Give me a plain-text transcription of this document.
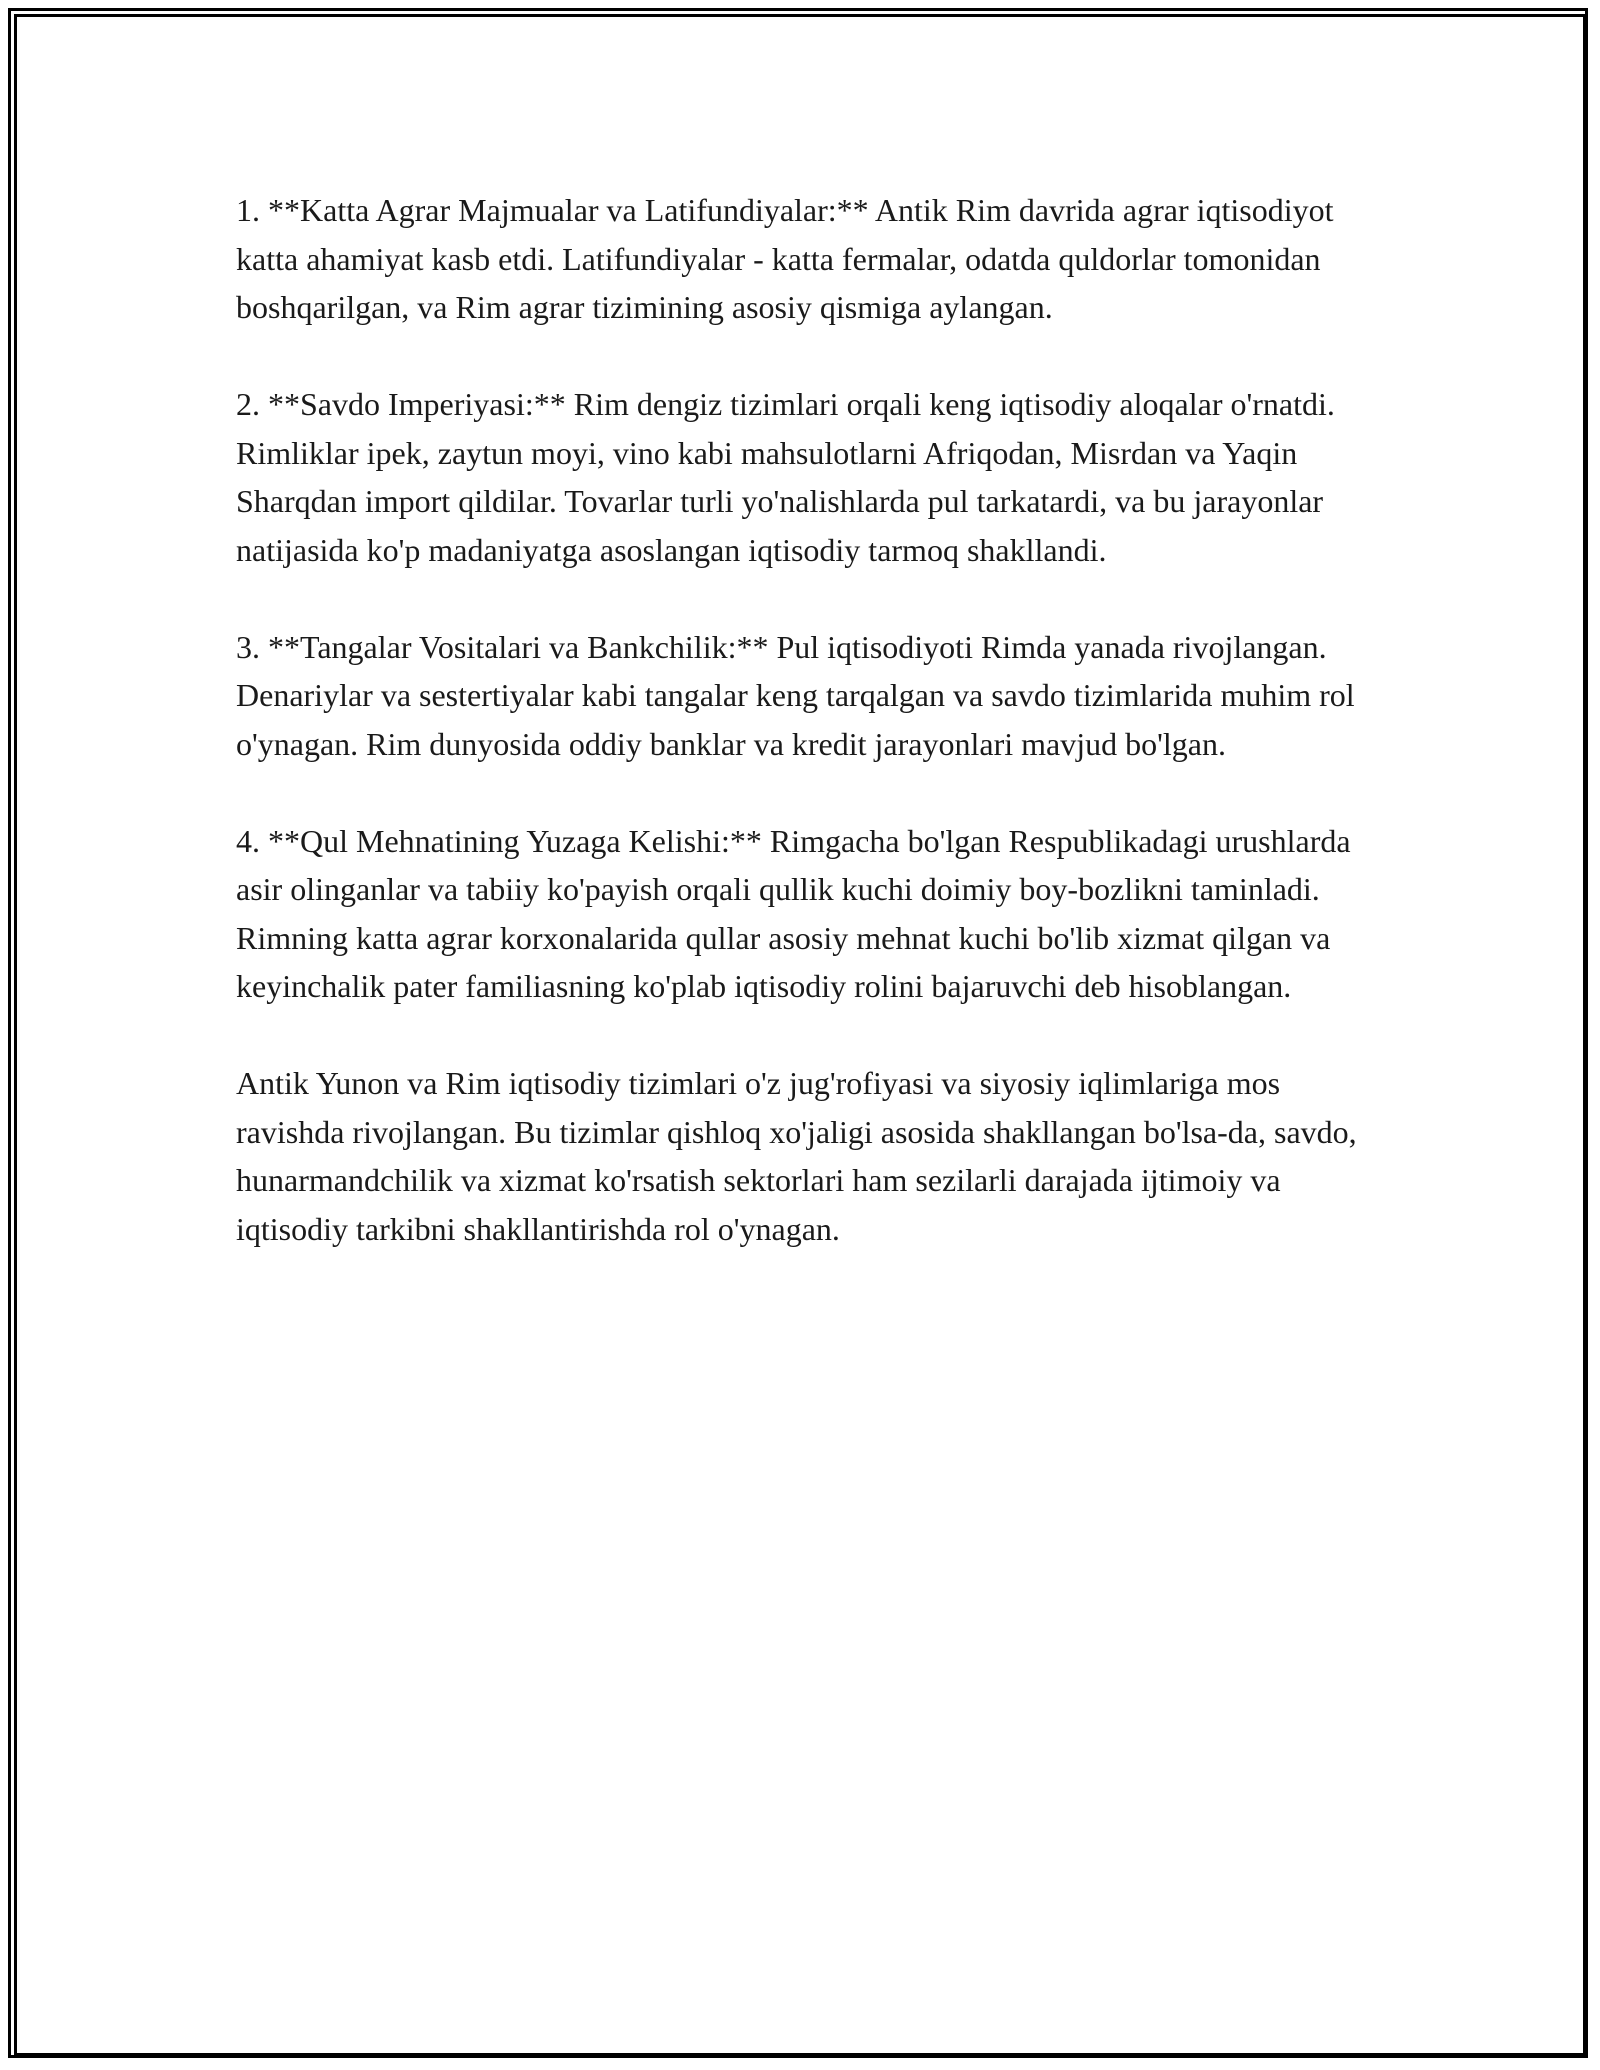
1. **Katta Agrar Majmualar va Latifundiyalar:** Antik Rim davrida agrar iqtisodiyot katta ahamiyat kasb etdi. Latifundiyalar - katta fermalar, odatda quldorlar tomonidan boshqarilgan, va Rim agrar tizimining asosiy qismiga aylangan.

2. **Savdo Imperiyasi:** Rim dengiz tizimlari orqali keng iqtisodiy aloqalar o'rnatdi. Rimliklar ipek, zaytun moyi, vino kabi mahsulotlarni Afriqodan, Misrdan va Yaqin Sharqdan import qildilar. Tovarlar turli yo'nalishlarda pul tarkatardi, va bu jarayonlar natijasida ko'p madaniyatga asoslangan iqtisodiy tarmoq shakllandi.

3. **Tangalar Vositalari va Bankchilik:** Pul iqtisodiyoti Rimda yanada rivojlangan. Denariylar va sestertiyalar kabi tangalar keng tarqalgan va savdo tizimlarida muhim rol o'ynagan. Rim dunyosida oddiy banklar va kredit jarayonlari mavjud bo'lgan.

4. **Qul Mehnatining Yuzaga Kelishi:** Rimgacha bo'lgan Respublikadagi urushlarda asir olinganlar va tabiiy ko'payish orqali qullik kuchi doimiy boy-bozlikni taminladi. Rimning katta agrar korxonalarida qullar asosiy mehnat kuchi bo'lib xizmat qilgan va keyinchalik pater familiasning ko'plab iqtisodiy rolini bajaruvchi deb hisoblangan.

Antik Yunon va Rim iqtisodiy tizimlari o'z jug'rofiyasi va siyosiy iqlimlariga mos ravishda rivojlangan. Bu tizimlar qishloq xo'jaligi asosida shakllangan bo'lsa-da, savdo, hunarmandchilik va xizmat ko'rsatish sektorlari ham sezilarli darajada ijtimoiy va iqtisodiy tarkibni shakllantirishda rol o'ynagan.
